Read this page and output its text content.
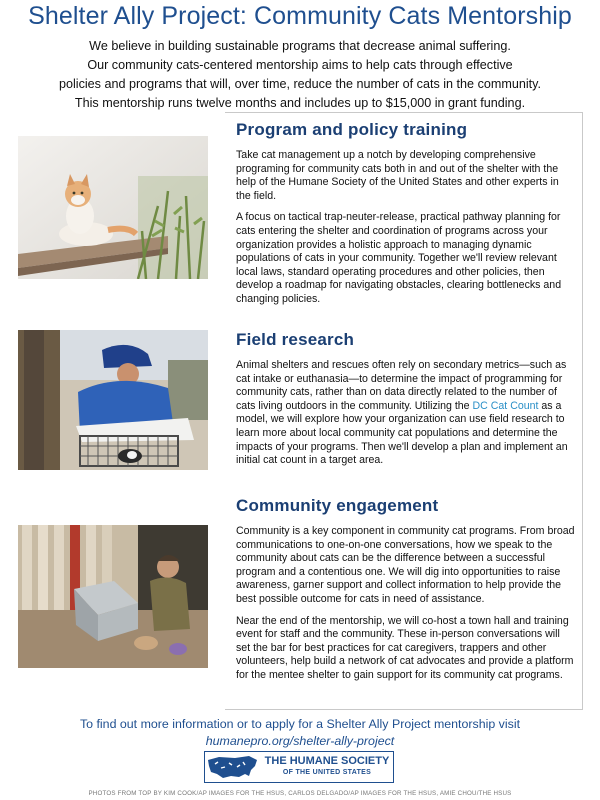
Shelter Ally Project: Community Cats Mentorship

We believe in building sustainable programs that decrease animal suffering.

Our community cats-centered mentorship aims to help cats through effective

policies and programs that will, over time, reduce the number of cats in the community.

This mentorship runs twelve months and includes up to $15,000 in grant funding.

Program and policy training

Take cat management up a notch by developing comprehensive programing for community cats both in and out of the shelter with the help of the Humane Society of the United States and other experts in the field.

A focus on tactical trap-neuter-release, practical pathway planning for cats entering the shelter and coordination of programs across your organization provides a holistic approach to managing dynamic populations of cats in your community. Together we'll review relevant local laws, standard operating procedures and other policies, then develop a roadmap for navigating obstacles, clearing bottlenecks and changing policies.

Field research

Animal shelters and rescues often rely on secondary metrics—such as cat intake or euthanasia—to determine the impact of programming for community cats, rather than on data directly related to the number of cats living outdoors in the community. Utilizing the DC Cat Count as a model, we will explore how your organization can use field research to learn more about local community cat populations and determine the impacts of your programs. Then we'll develop a plan and implement an initial cat count in a target area.

Community engagement

Community is a key component in community cat programs. From broad communications to one-on-one conversations, how we speak to the community about cats can be the difference between a successful program and a contentious one. We will dig into opportunities to raise awareness, garner support and collect information to help provide the best possible outcome for cats in need of assistance.

Near the end of the mentorship, we will co-host a town hall and training event for staff and the community. These in-person conversations will set the bar for best practices for cat caregivers, trappers and other volunteers, help build a network of cat advocates and provide a platform for the mentee shelter to gain support for its community cat programs.

To find out more information or to apply for a Shelter Ally Project mentorship visit
humanepro.org/shelter-ally-project
THE HUMANE SOCIETY
OF THE UNITED STATES
PHOTOS FROM TOP BY KIM COOK/AP IMAGES FOR THE HSUS, CARLOS DELGADO/AP IMAGES FOR THE HSUS, AMIE CHOU/THE HSUS
